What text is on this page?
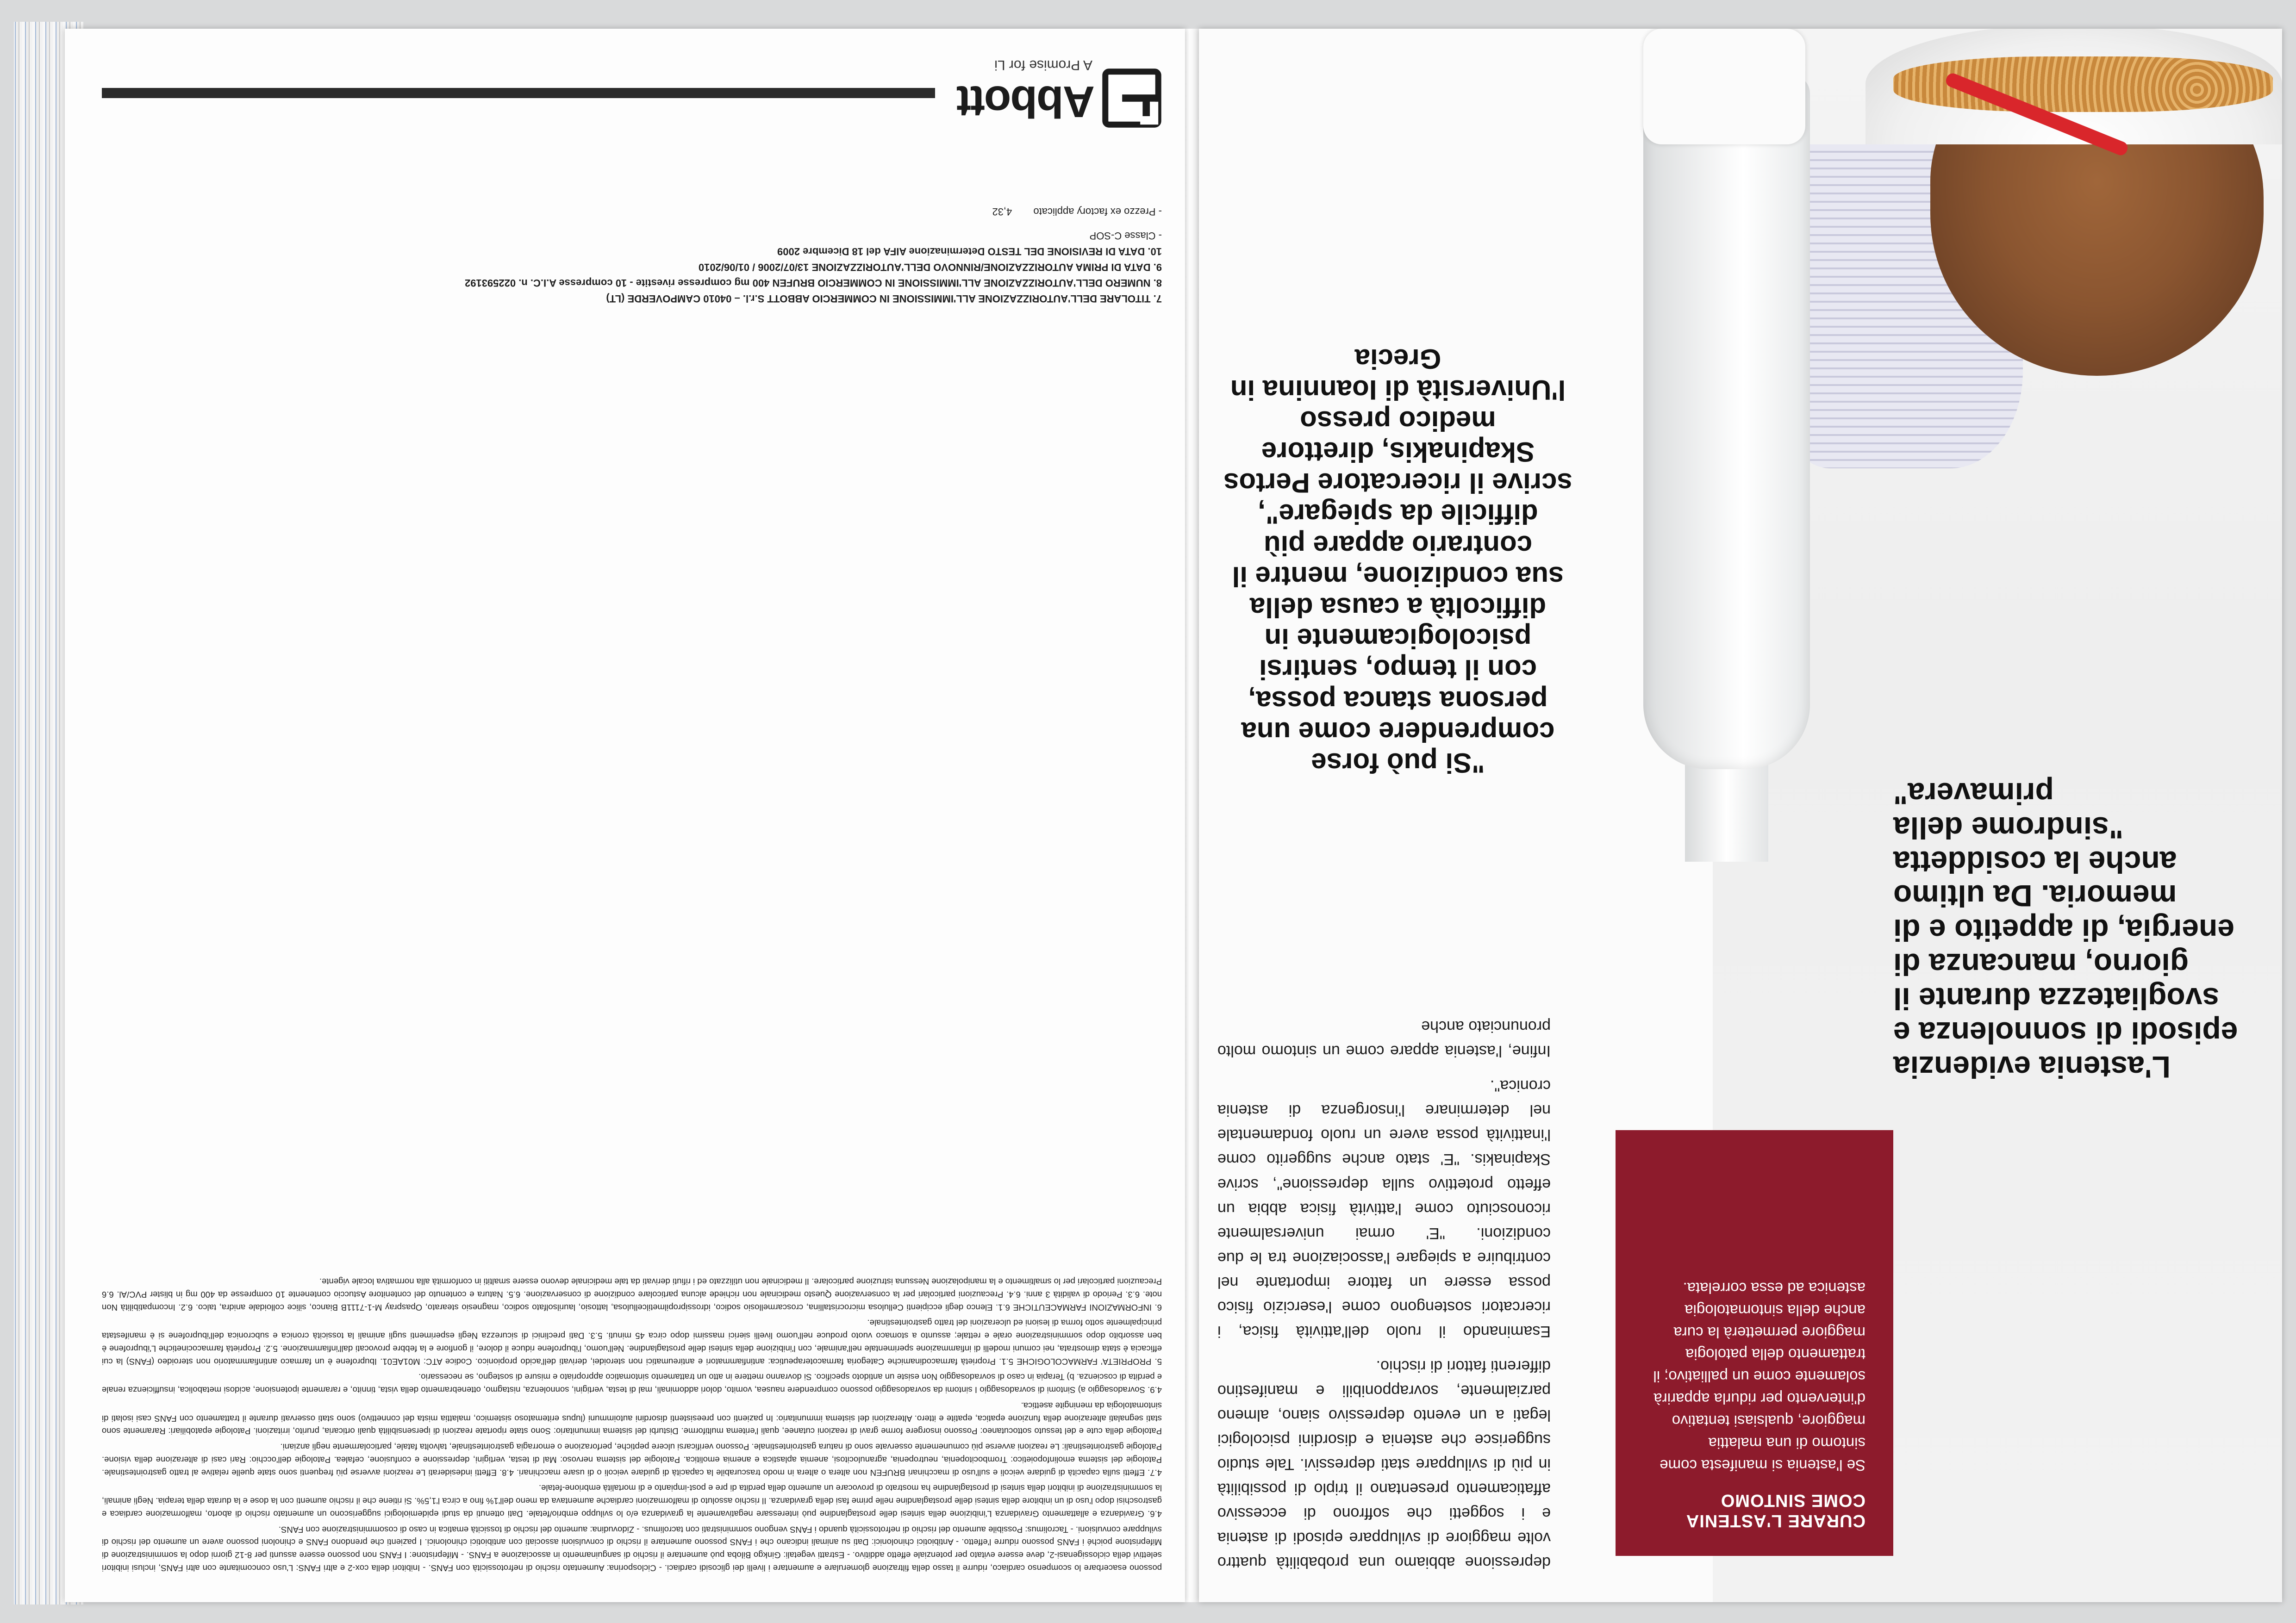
possono esacerbare lo scompenso cardiaco, ridurre il tasso della filtrazione glomerulare e aumentare i livelli dei glicosidi cardiaci. - Ciclosporina: Aumentato rischio di nefrotossicità con FANS. - Inibitori della cox-2 e altri FANS: L'uso concomitante con altri FANS, inclusi inibitori selettivi della ciclossigenasi-2, deve essere evitato per potenziale effetto additivo. - Estratti vegetali: Ginkgo Biloba può aumentare il rischio di sanguinamento in associazione a FANS. - Mifepristone: I FANS non possono essere assunti per 8-12 giorni dopo la somministrazione di Mifepristone poiché i FANS possono ridurre l'effetto. - Antibiotici chinolonici: Dati su animali indicano che i FANS possono aumentare il rischio di convulsioni associati con antibiotici chinolonici. I pazienti che prendono FANS e chinoloni possono avere un aumento del rischio di sviluppare convulsioni. - Tacrolimus: Possibile aumento del rischio di nefrotossicità quando i FANS vengono somministrati con tacrolimus. - Zidovudina: aumento del rischio di tossicità ematica in caso di cosomministrazione con FANS.

4.6. Gravidanza e allattamento Gravidanza L'inibizione della sintesi delle prostaglandine può interessare negativamente la gravidanza e/o lo sviluppo embrio/fetale. Dati ottenuti da studi epidemiologici suggeriscono un aumentato rischio di aborto, malformazione cardiaca e gastroschisi dopo l'uso di un inibitore della sintesi delle prostaglandine nelle prime fasi della gravidanza. Il rischio assoluto di malformazioni cardiache aumentava da meno dell'1% fino a circa l'1,5%. Si ritiene che il rischio aumenti con la dose e la durata della terapia. Negli animali, la somministrazione di inibitori della sintesi di prostaglandine ha mostrato di provocare un aumento della perdita di pre e post-impianto e di mortalità embrione-fetale.

4.7. Effetti sulla capacità di guidare veicoli e sull'uso di macchinari BRUFEN non altera o altera in modo trascurabile la capacità di guidare veicoli o di usare macchinari. 4.8. Effetti indesiderati Le reazioni avverse più frequenti sono state quelle relative al tratto gastrointestinale. Patologie del sistema emolinfopoietico: Trombocitopenia, neutropenia, agranulocitosi, anemia aplastica e anemia emolitica. Patologie del sistema nervoso: Mal di testa, vertigini, depressione e confusione, cefalea. Patologie dell'occhio: Rari casi di alterazione della visione. Patologie gastrointestinali: Le reazioni avverse più comunemente osservate sono di natura gastrointestinale. Possono verificarsi ulcere peptiche, perforazione o emorragia gastrointestinale, talvolta fatale, particolarmente negli anziani.

Patologie della cute e del tessuto sottocutaneo: Possono insorgere forme gravi di reazioni cutanee, quali l'eritema multiforme. Disturbi del sistema immunitario: Sono state riportate reazioni di ipersensibilità quali orticaria, prurito, irritazioni. Patologie epatobiliari: Raramente sono stati segnalati alterazione della funzione epatica, epatite e ittero. Alterazioni del sistema immunitario: In pazienti con preesistenti disordini autoimmuni (lupus eritematoso sistemico, malattia mista del connettivo) sono stati osservati durante il trattamento con FANS casi isolati di sintomatologia da meningite asettica.

4.9. Sovradosaggio a) Sintomi di sovradosaggio I sintomi da sovradosaggio possono comprendere nausea, vomito, dolori addominali, mal di testa, vertigini, sonnolenza, nistagmo, ottenebramento della vista, tinnito, e raramente ipotensione, acidosi metabolica, insufficienza renale e perdita di coscienza. b) Terapia in caso di sovradosaggio Non esiste un antidoto specifico. Si dovranno mettere in atto un trattamento sintomatico appropriato e misure di sostegno, se necessario.

5. PROPRIETA' FARMACOLOGICHE 5.1. Proprietà farmacodinamiche Categoria farmacoterapeutica: antinfiammatori e antireumatici non steroidei, derivati dell'acido propionico. Codice ATC: M01AE01. Ibuprofene è un farmaco antinfiammatorio non steroideo (FANS) la cui efficacia è stata dimostrata, nei comuni modelli di infiammazione sperimentale nell'animale, con l'inibizione della sintesi delle prostaglandine. Nell'uomo, l'ibuprofene riduce il dolore, il gonfiore e la febbre provocati dall'infiammazione. 5.2. Proprietà farmacocinetiche L'ibuprofene è ben assorbito dopo somministrazione orale e rettale; assunto a stomaco vuoto produce nell'uomo livelli sierici massimi dopo circa 45 minuti. 5.3. Dati preclinici di sicurezza Negli esperimenti sugli animali la tossicità cronica e subcronica dell'ibuprofene si è manifestata principalmente sotto forma di lesioni ed ulcerazioni del tratto gastrointestinale.

6. INFORMAZIONI FARMACEUTICHE 6.1. Elenco degli eccipienti Cellulosa microcristallina, croscarmellosio sodico, idrossipropilmetilcellulosa, lattosio, laurilsolfato sodico, magnesio stearato, Opaspray M-1-7111B Bianco, silice colloidale anidra, talco. 6.2. Incompatibilità Non note. 6.3. Periodo di validità 3 anni. 6.4. Precauzioni particolari per la conservazione Questo medicinale non richiede alcuna particolare condizione di conservazione. 6.5. Natura e contenuto del contenitore Astuccio contenente 10 compresse da 400 mg in blister PVC/Al. 6.6 Precauzioni particolari per lo smaltimento e la manipolazione Nessuna istruzione particolare. Il medicinale non utilizzato ed i rifiuti derivati da tale medicinale devono essere smaltiti in conformità alla normativa locale vigente.

7. TITOLARE DELL'AUTORIZZAZIONE ALL'IMMISSIONE IN COMMERCIO ABBOTT S.r.l. – 04010 CAMPOVERDE (LT)
8. NUMERO DELL'AUTORIZZAZIONE ALL'IMMISSIONE IN COMMERCIO BRUFEN 400 mg compresse rivestite - 10 compresse A.I.C. n. 022593192
9. DATA DI PRIMA AUTORIZZAZIONE/RINNOVO DELL'AUTORIZZAZIONE 13/07/2006 / 01/06/2010
10. DATA DI REVISIONE DEL TESTO Determinazione AIFA del 18 Dicembre 2009
- Classe C-SOP
- Prezzo ex factory applicato 4,32
Abbott
A Promise for Li
CURARE L'ASTENIA COME SINTOMO

Se l'astenia si manifesta come sintomo di una malattia maggiore, qualsiasi tentativo d'intervento per ridurla apparirà solamente come un palliativo; il trattamento della patologia maggiore permetterà la cura anche della sintomatologia astenica ad essa correlata.

L'astenia evidenzia episodi di sonnolenza e svogliatezza durante il giorno, mancanza di energia, di appetito e di memoria. Da ultimo anche la cosiddetta "sindrome della primavera"

depressione abbiamo una probabilità quattro volte maggiore di sviluppare episodi di astenia e i soggetti che soffrono di eccessivo affaticamento presentano il triplo di possibilità in più di sviluppare stati depressivi. Tale studio suggerisce che astenia e disordini psicologici legati a un evento depressivo siano, almeno parzialmente, sovrapponibili e manifestino differenti fattori di rischio.

Esaminando il ruolo dell'attività fisica, i ricercatori sostengono come l'esercizio fisico possa essere un fattore importante nel contribuire a spiegare l'associazione tra le due condizioni. "E' ormai universalmente riconosciuto come l'attività fisica abbia un effetto protettivo sulla depressione", scrive Skapinakis. "E' stato anche suggerito come l'inattività possa avere un ruolo fondamentale nel determinare l'insorgenza di astenia cronica".

Infine, l'astenia appare come un sintomo molto pronunciato anche

"Si può forse comprendere come una persona stanca possa, con il tempo, sentirsi psicologicamente in difficoltà a causa della sua condizione, mentre il contrario appare più difficile da spiegare", scrive il ricercatore Pertos Skapinakis, direttore medico presso l'Università di Ioannina in Grecia
